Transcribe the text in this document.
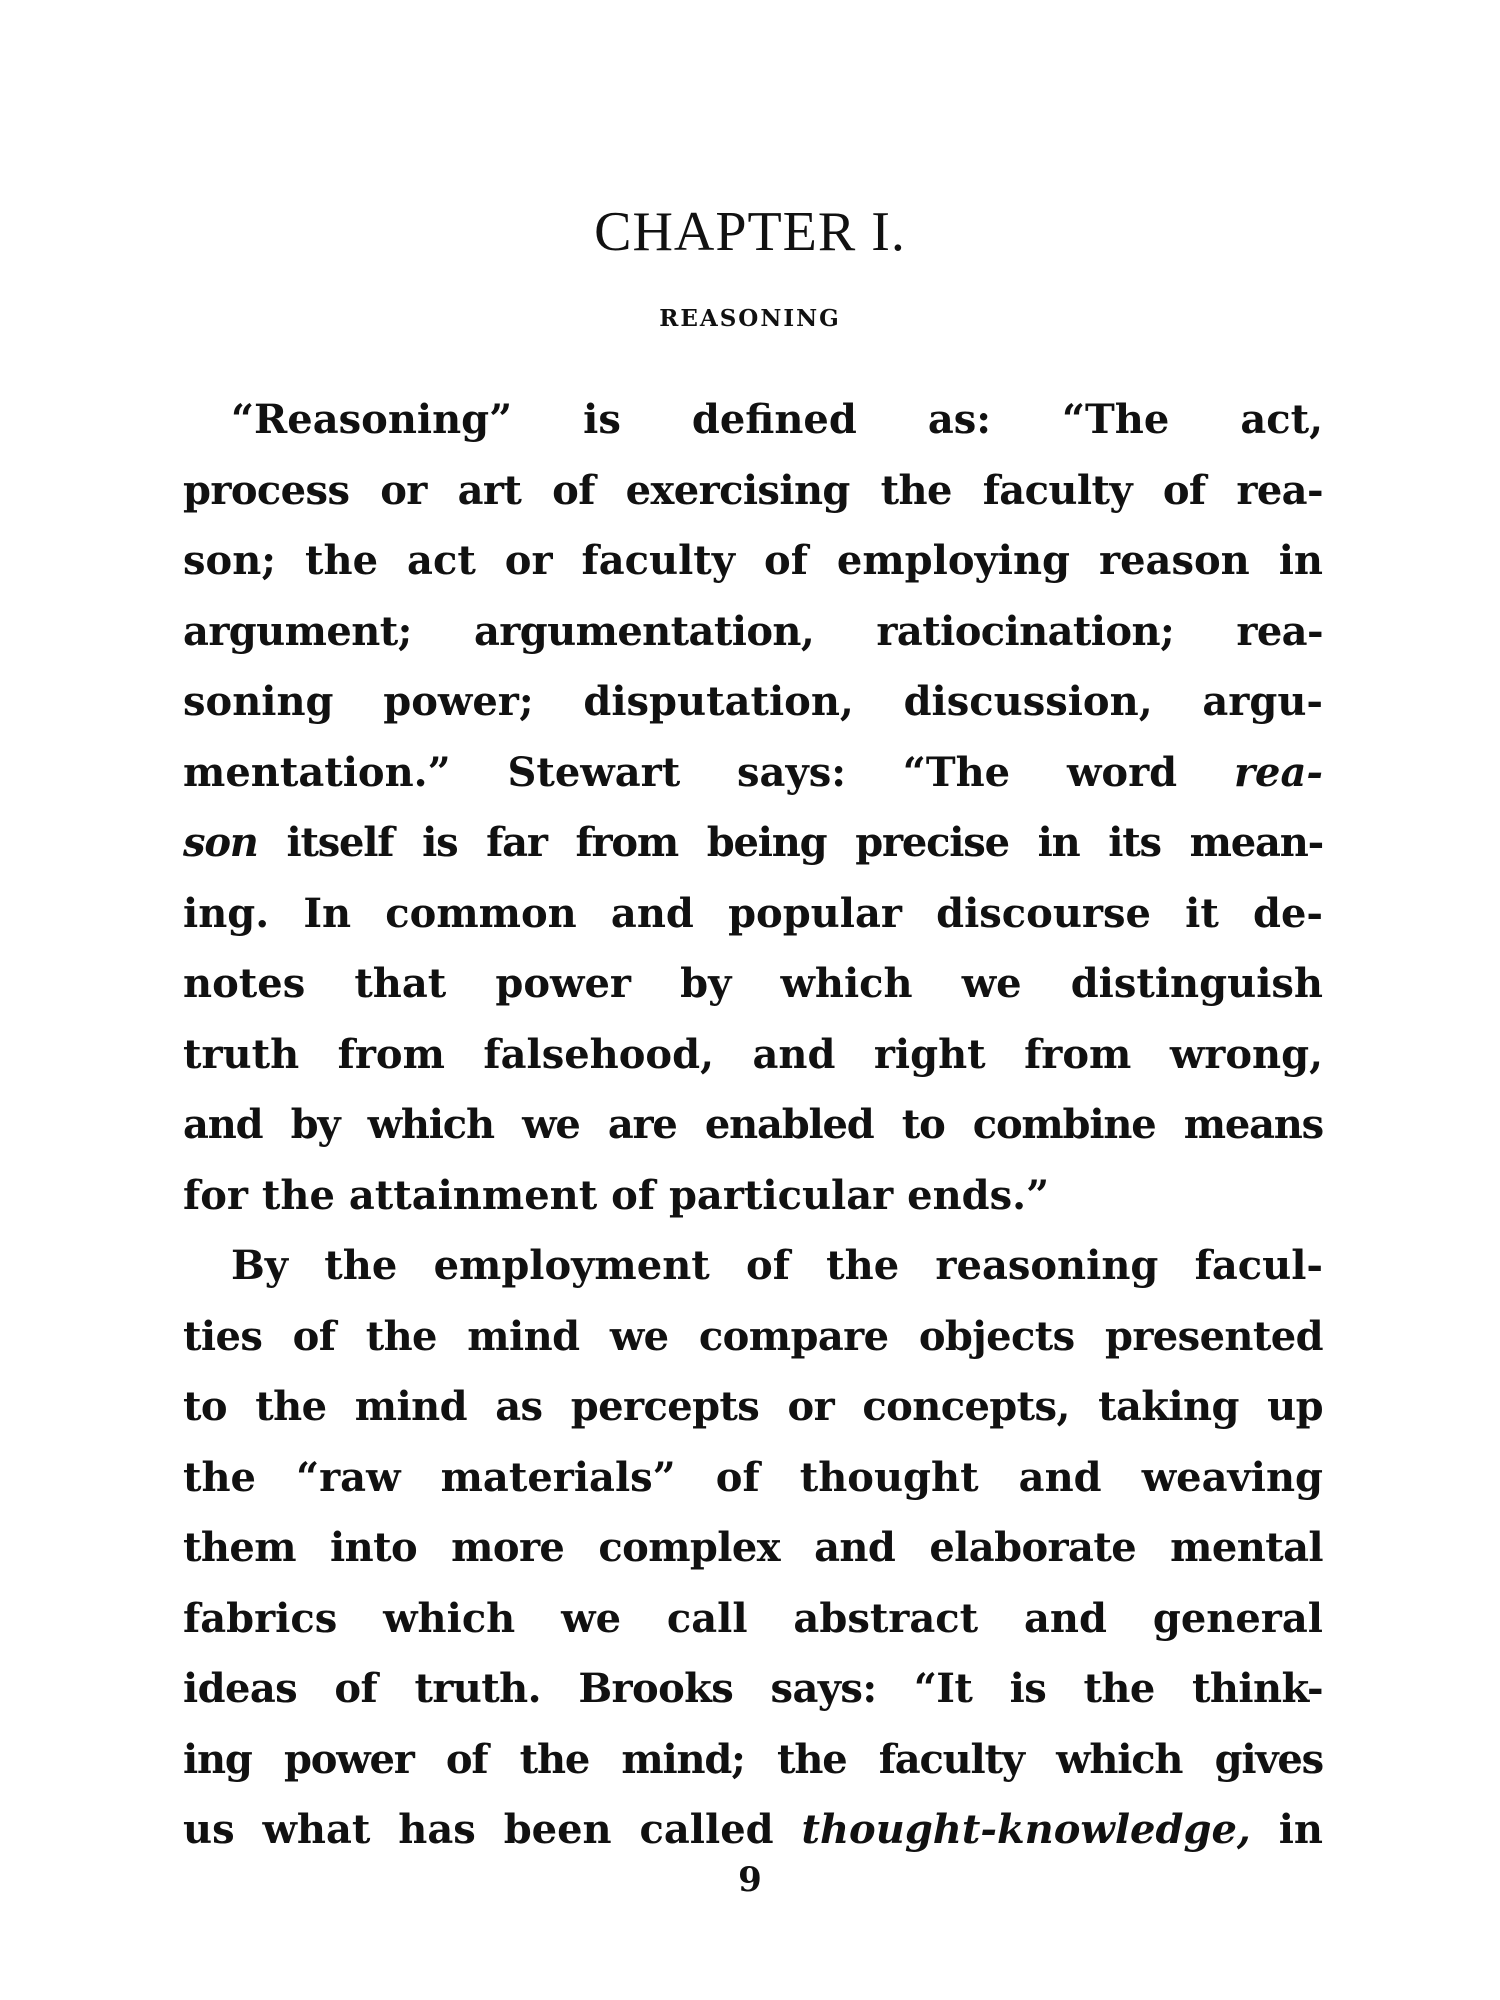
CHAPTER I.
REASONING
“Reasoning” is defined as: “The act,
process or art of exercising the faculty of rea-
son; the act or faculty of employing reason in
argument; argumentation, ratiocination; rea-
soning power; disputation, discussion, argu-
mentation.” Stewart says: “The word rea-
son itself is far from being precise in its mean-
ing. In common and popular discourse it de-
notes that power by which we distinguish
truth from falsehood, and right from wrong,
and by which we are enabled to combine means
for the attainment of particular ends.”
By the employment of the reasoning facul-
ties of the mind we compare objects presented
to the mind as percepts or concepts, taking up
the “raw materials” of thought and weaving
them into more complex and elaborate mental
fabrics which we call abstract and general
ideas of truth. Brooks says: “It is the think-
ing power of the mind; the faculty which gives
us what has been called thought-knowledge, in
9
